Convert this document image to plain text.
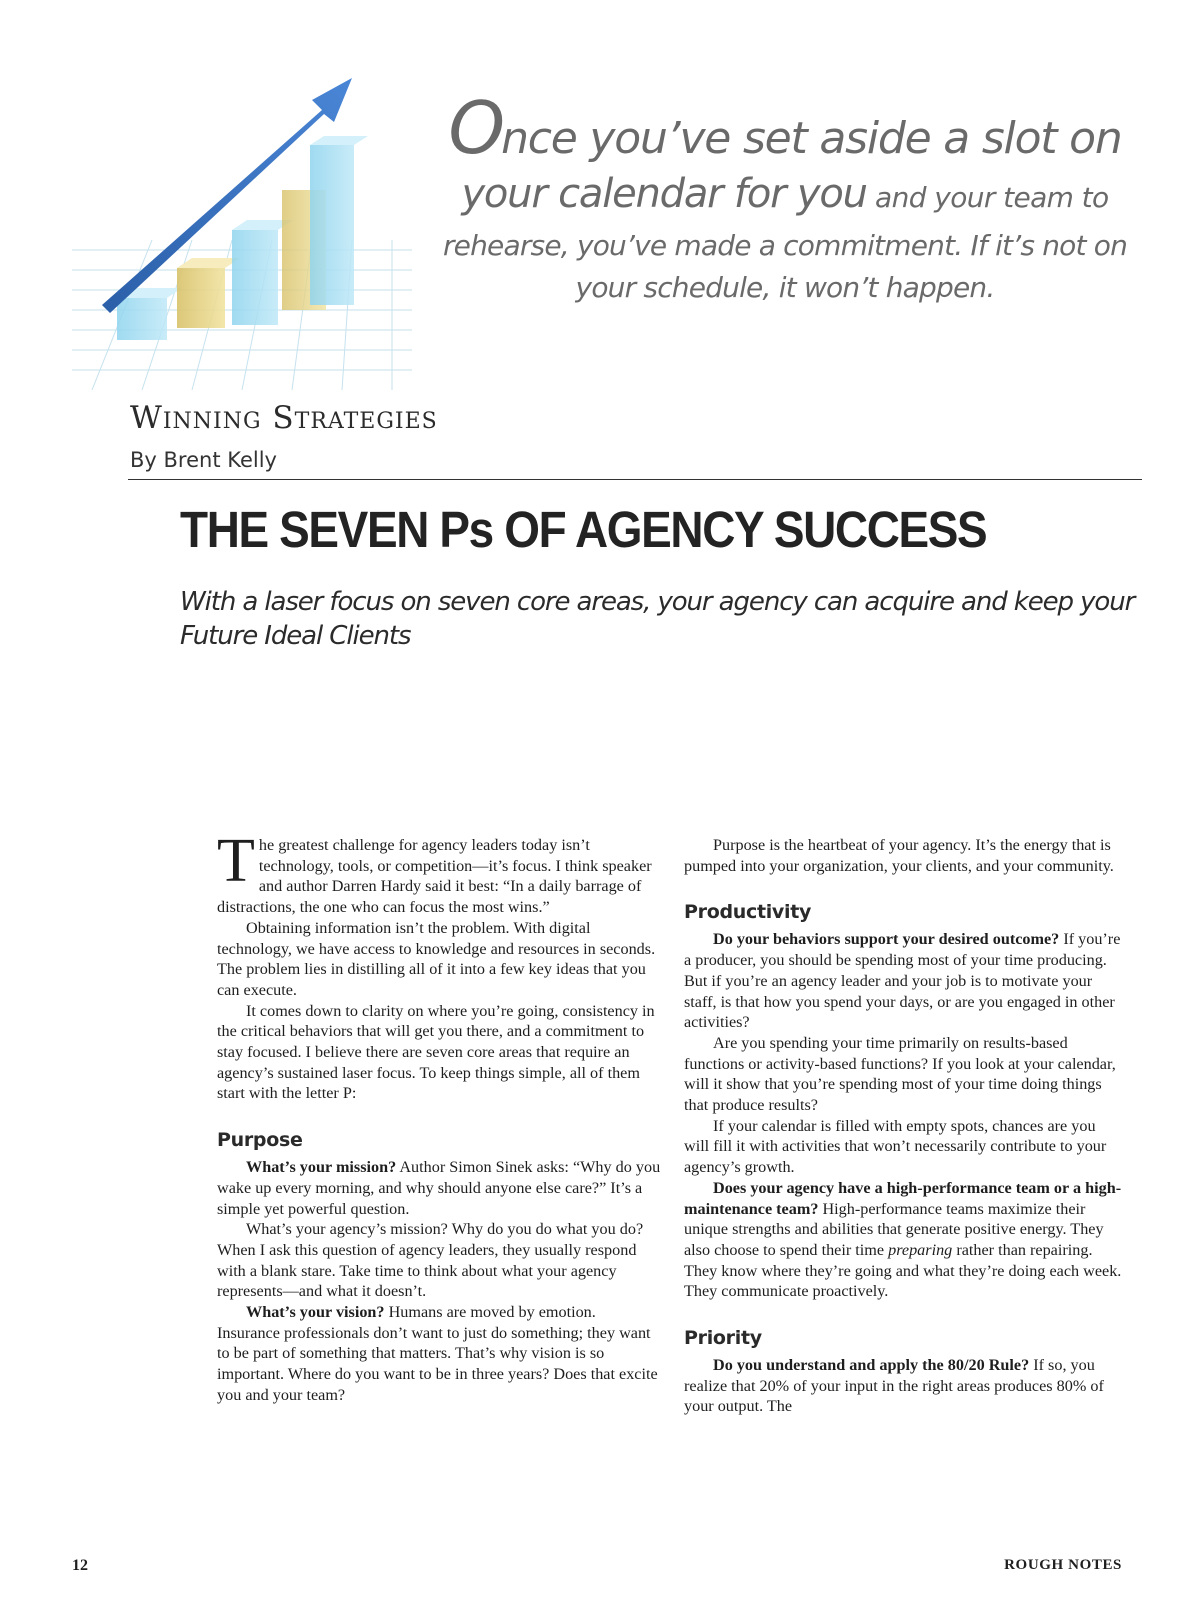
Once you’ve set aside a slot on
your calendar for you and your team to
rehearse, you’ve made a commitment. If it’s not on
your schedule, it won’t happen.
Winning Strategies
By Brent Kelly
THE SEVEN Ps OF AGENCY SUCCESS
With a laser focus on seven core areas, your agency can acquire and keep your Future Ideal Clients

The greatest challenge for agency leaders today isn’t technology, tools, or competition—it’s focus. I think speaker and author Darren Hardy said it best: “In a daily barrage of distractions, the one who can focus the most wins.”

Obtaining information isn’t the problem. With digital technology, we have access to knowledge and resources in seconds. The problem lies in distilling all of it into a few key ideas that you can execute.

It comes down to clarity on where you’re going, consistency in the critical behaviors that will get you there, and a commitment to stay focused. I believe there are seven core areas that require an agency’s sustained laser focus. To keep things simple, all of them start with the letter P:

Purpose

What’s your mission? Author Simon Sinek asks: “Why do you wake up every morning, and why should anyone else care?” It’s a simple yet powerful question.

What’s your agency’s mission? Why do you do what you do? When I ask this question of agency leaders, they usually respond with a blank stare. Take time to think about what your agency represents—and what it doesn’t.

What’s your vision? Humans are moved by emotion. Insurance professionals don’t want to just do something; they want to be part of something that matters. That’s why vision is so important. Where do you want to be in three years? Does that excite you and your team?

Purpose is the heartbeat of your agency. It’s the energy that is pumped into your organization, your clients, and your community.

Productivity

Do your behaviors support your desired outcome? If you’re a producer, you should be spending most of your time producing. But if you’re an agency leader and your job is to motivate your staff, is that how you spend your days, or are you engaged in other activities?

Are you spending your time primarily on results-based functions or activity-based functions? If you look at your calendar, will it show that you’re spending most of your time doing things that produce results?

If your calendar is filled with empty spots, chances are you will fill it with activities that won’t necessarily contribute to your agency’s growth.

Does your agency have a high-performance team or a high-maintenance team? High-performance teams maximize their unique strengths and abilities that generate positive energy. They also choose to spend their time preparing rather than repairing. They know where they’re going and what they’re doing each week. They communicate proactively.

Priority

Do you understand and apply the 80/20 Rule? If so, you realize that 20% of your input in the right areas produces 80% of your output. The

12	ROUGH NOTES
